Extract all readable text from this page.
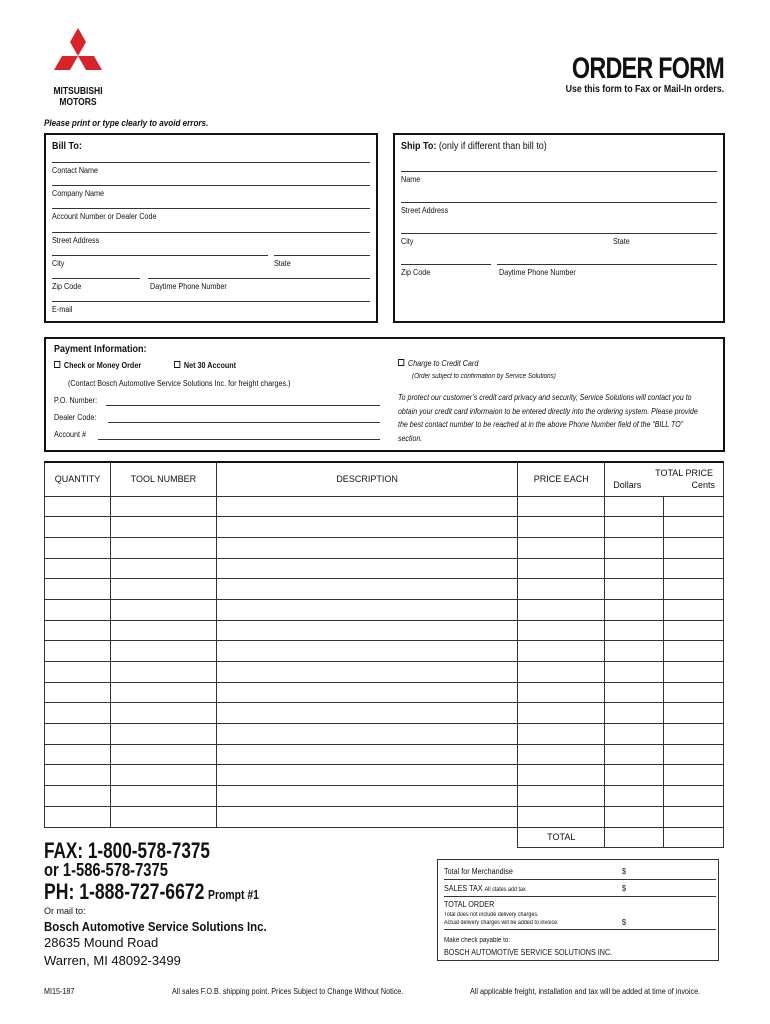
MITSUBISHI
MOTORS
ORDER FORM
Use this form to Fax or Mail-In orders.
Please print or type clearly to avoid errors.
Bill To:
Contact Name
Company Name
Account Number or Dealer Code
Street Address
City	State
Zip Code	Daytime Phone Number
E-mail
Ship To: (only if different than bill to)
Name
Street Address
City	State
Zip Code	Daytime Phone Number
Payment Information:
Check or Money Order	Net 30 Account	Charge to Credit Card
(Order subject to confirmation by Service Solutions)
(Contact Bosch Automotive Service Solutions Inc. for freight charges.)
P.O. Number:
Dealer Code:
Account #
To protect our customer’s credit card privacy and security, Service Solutions will contact you to obtain your credit card informaion to be entered directly into the ordering system. Please provide the best contact number to be reached at in the above Phone Number field of the “BILL TO” section.
QUANTITY	TOOL NUMBER	DESCRIPTION	PRICE EACH	TOTAL PRICE
Dollars Cents	

			TOTAL		
FAX: 1-800-578-7375
or 1-586-578-7375
PH: 1-888-727-6672 Prompt #1
Or mail to:
Bosch Automotive Service Solutions Inc.
28635 Mound Road
Warren, MI 48092-3499
Total for Merchandise	$
SALES TAX All states add tax	$
TOTAL ORDER
Total does not include delivery charges.
Actual delivery charges will be added to invoice.	$
Make check payable to:
BOSCH AUTOMOTIVE SERVICE SOLUTIONS INC.
MI15-187	All sales F.O.B. shipping point. Prices Subject to Change Without Notice.	All applicable freight, installation and tax will be added at time of invoice.
